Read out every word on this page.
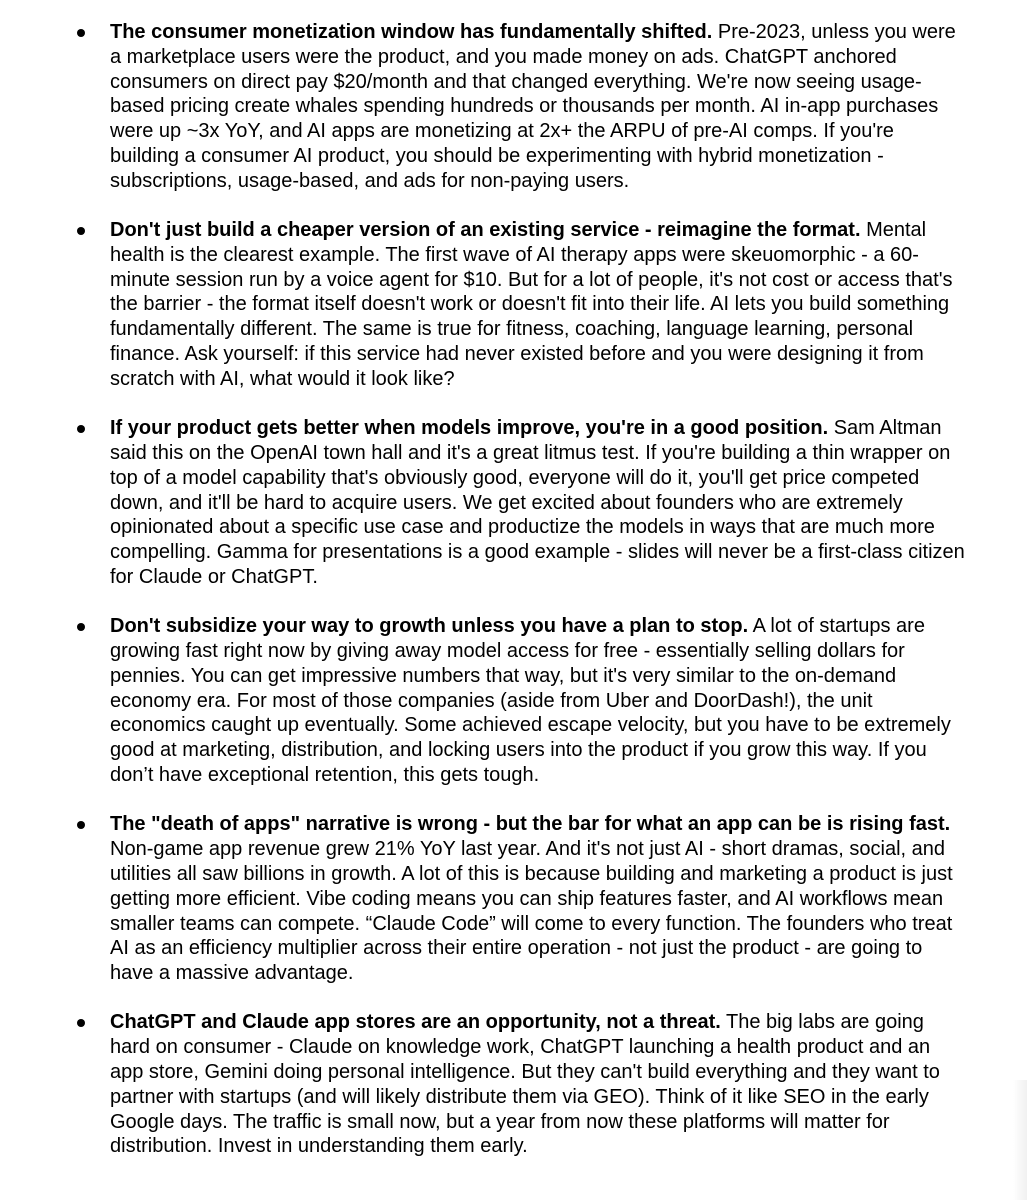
The consumer monetization window has fundamentally shifted. Pre-2023, unless you were a marketplace users were the product, and you made money on ads. ChatGPT anchored consumers on direct pay $20/month and that changed everything. We're now seeing usage-based pricing create whales spending hundreds or thousands per month. AI in-app purchases were up ~3x YoY, and AI apps are monetizing at 2x+ the ARPU of pre-AI comps. If you're building a consumer AI product, you should be experimenting with hybrid monetization - subscriptions, usage-based, and ads for non-paying users.
Don't just build a cheaper version of an existing service - reimagine the format. Mental health is the clearest example. The first wave of AI therapy apps were skeuomorphic - a 60-minute session run by a voice agent for $10. But for a lot of people, it's not cost or access that's the barrier - the format itself doesn't work or doesn't fit into their life. AI lets you build something fundamentally different. The same is true for fitness, coaching, language learning, personal finance. Ask yourself: if this service had never existed before and you were designing it from scratch with AI, what would it look like?
If your product gets better when models improve, you're in a good position. Sam Altman said this on the OpenAI town hall and it's a great litmus test. If you're building a thin wrapper on top of a model capability that's obviously good, everyone will do it, you'll get price competed down, and it'll be hard to acquire users. We get excited about founders who are extremely opinionated about a specific use case and productize the models in ways that are much more compelling. Gamma for presentations is a good example - slides will never be a first-class citizen for Claude or ChatGPT.
Don't subsidize your way to growth unless you have a plan to stop. A lot of startups are growing fast right now by giving away model access for free - essentially selling dollars for pennies. You can get impressive numbers that way, but it's very similar to the on-demand economy era. For most of those companies (aside from Uber and DoorDash!), the unit economics caught up eventually. Some achieved escape velocity, but you have to be extremely good at marketing, distribution, and locking users into the product if you grow this way. If you don’t have exceptional retention, this gets tough.
The "death of apps" narrative is wrong - but the bar for what an app can be is rising fast. Non-game app revenue grew 21% YoY last year. And it's not just AI - short dramas, social, and utilities all saw billions in growth. A lot of this is because building and marketing a product is just getting more efficient. Vibe coding means you can ship features faster, and AI workflows mean smaller teams can compete. “Claude Code” will come to every function. The founders who treat AI as an efficiency multiplier across their entire operation - not just the product - are going to have a massive advantage.
ChatGPT and Claude app stores are an opportunity, not a threat. The big labs are going hard on consumer - Claude on knowledge work, ChatGPT launching a health product and an app store, Gemini doing personal intelligence. But they can't build everything and they want to partner with startups (and will likely distribute them via GEO). Think of it like SEO in the early Google days. The traffic is small now, but a year from now these platforms will matter for distribution. Invest in understanding them early.
